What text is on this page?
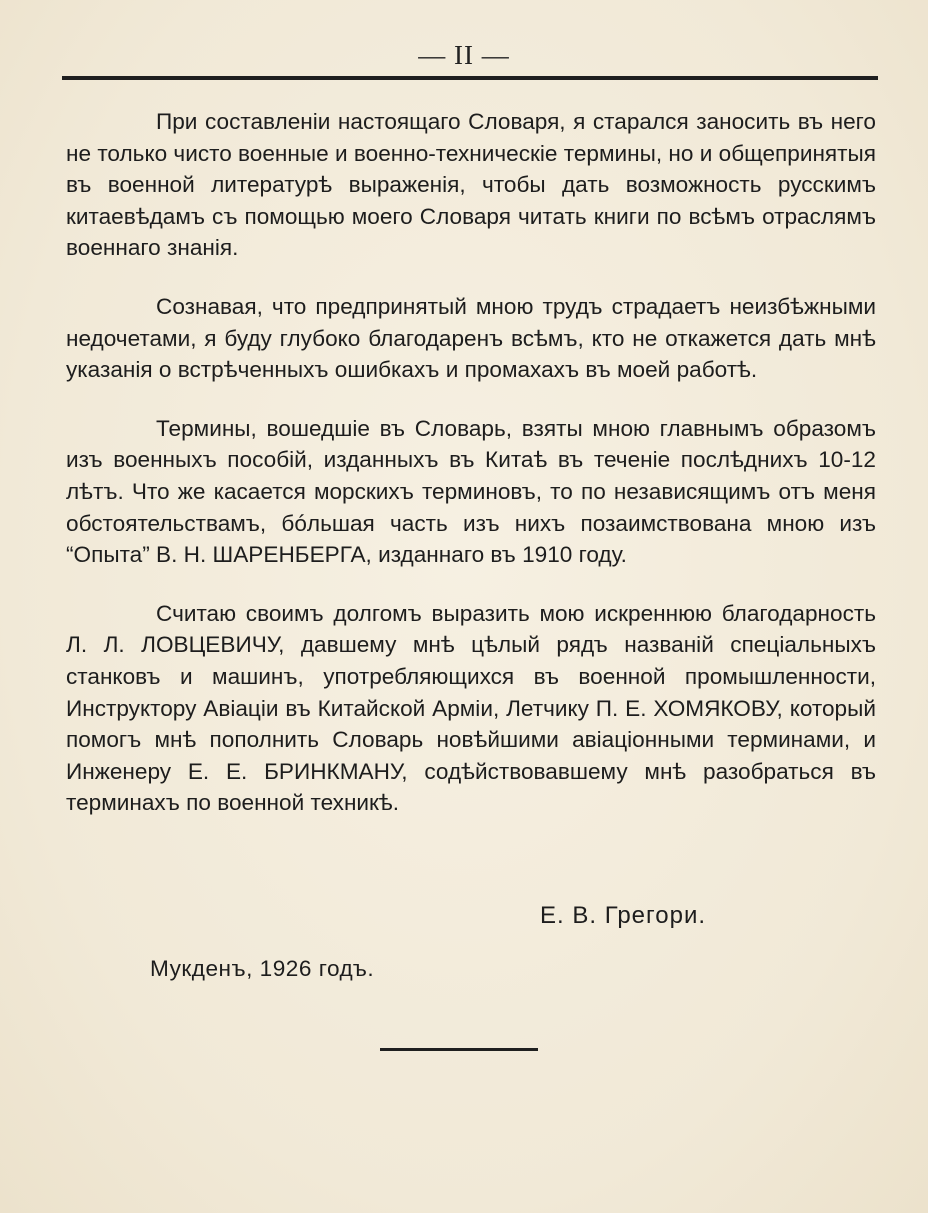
— II —

При составленіи настоящаго Словаря, я старался заносить въ него не только чисто военные и военно-техническіе термины, но и общепринятыя въ военной литературѣ выраженія, чтобы дать возможность русскимъ китаевѣдамъ съ помощью моего Словаря читать книги по всѣмъ отраслямъ военнаго знанія.

Сознавая, что предпринятый мною трудъ страдаетъ неизбѣжными недочетами, я буду глубоко благодаренъ всѣмъ, кто не откажется дать мнѣ указанія о встрѣченныхъ ошибкахъ и промахахъ въ моей работѣ.

Термины, вошедшіе въ Словарь, взяты мною главнымъ образомъ изъ военныхъ пособій, изданныхъ въ Китаѣ въ теченіе послѣднихъ 10-12 лѣтъ. Что же касается морскихъ терминовъ, то по независящимъ отъ меня обстоятельствамъ, бóльшая часть изъ нихъ позаимствована мною изъ “Опыта” В. Н. ШАРЕНБЕРГА, изданнаго въ 1910 году.

Считаю своимъ долгомъ выразить мою искреннюю благодарность Л. Л. ЛОВЦЕВИЧУ, давшему мнѣ цѣлый рядъ названій спеціальныхъ станковъ и машинъ, употребляющихся въ военной промышленности, Инструктору Авіаціи въ Китайской Арміи, Летчику П. Е. ХОМЯКОВУ, который помогъ мнѣ пополнить Словарь новѣйшими авіаціонными терминами, и Инженеру Е. Е. БРИНКМАНУ, содѣйствовавшему мнѣ разобраться въ терминахъ по военной техникѣ.

Е. В. Грегори.
Мукденъ, 1926 годъ.
